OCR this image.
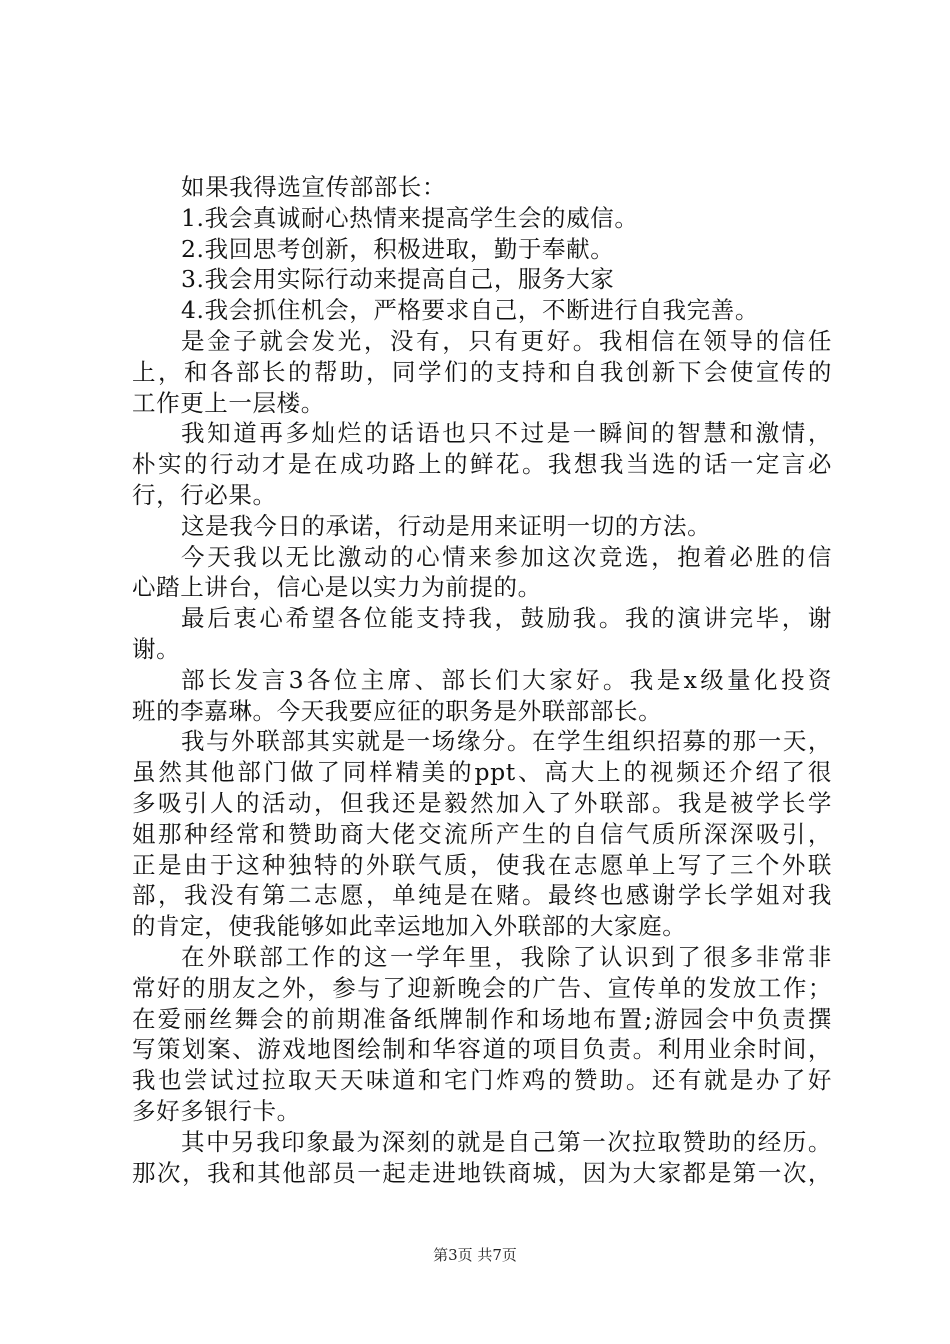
如果我得选宣传部部长：
1.我会真诚耐心热情来提高学生会的威信。
2.我回思考创新，积极进取，勤于奉献。
3.我会用实际行动来提高自己，服务大家
4.我会抓住机会，严格要求自己，不断进行自我完善。
是金子就会发光，没有，只有更好。我相信在领导的信任
上，和各部长的帮助，同学们的支持和自我创新下会使宣传的
工作更上一层楼。
我知道再多灿烂的话语也只不过是一瞬间的智慧和激情，
朴实的行动才是在成功路上的鲜花。我想我当选的话一定言必
行，行必果。
这是我今日的承诺，行动是用来证明一切的方法。
今天我以无比激动的心情来参加这次竞选，抱着必胜的信
心踏上讲台，信心是以实力为前提的。
最后衷心希望各位能支持我，鼓励我。我的演讲完毕，谢
谢。
部长发言3各位主席、部长们大家好。我是x级量化投资
班的李嘉琳。今天我要应征的职务是外联部部长。
我与外联部其实就是一场缘分。在学生组织招募的那一天，
虽然其他部门做了同样精美的ppt、高大上的视频还介绍了很
多吸引人的活动，但我还是毅然加入了外联部。我是被学长学
姐那种经常和赞助商大佬交流所产生的自信气质所深深吸引，
正是由于这种独特的外联气质，使我在志愿单上写了三个外联
部，我没有第二志愿，单纯是在赌。最终也感谢学长学姐对我
的肯定，使我能够如此幸运地加入外联部的大家庭。
在外联部工作的这一学年里，我除了认识到了很多非常非
常好的朋友之外，参与了迎新晚会的广告、宣传单的发放工作；
在爱丽丝舞会的前期准备纸牌制作和场地布置;游园会中负责撰
写策划案、游戏地图绘制和华容道的项目负责。利用业余时间，
我也尝试过拉取天天味道和宅门炸鸡的赞助。还有就是办了好
多好多银行卡。
其中另我印象最为深刻的就是自己第一次拉取赞助的经历。
那次，我和其他部员一起走进地铁商城，因为大家都是第一次，
第3页 共7页
